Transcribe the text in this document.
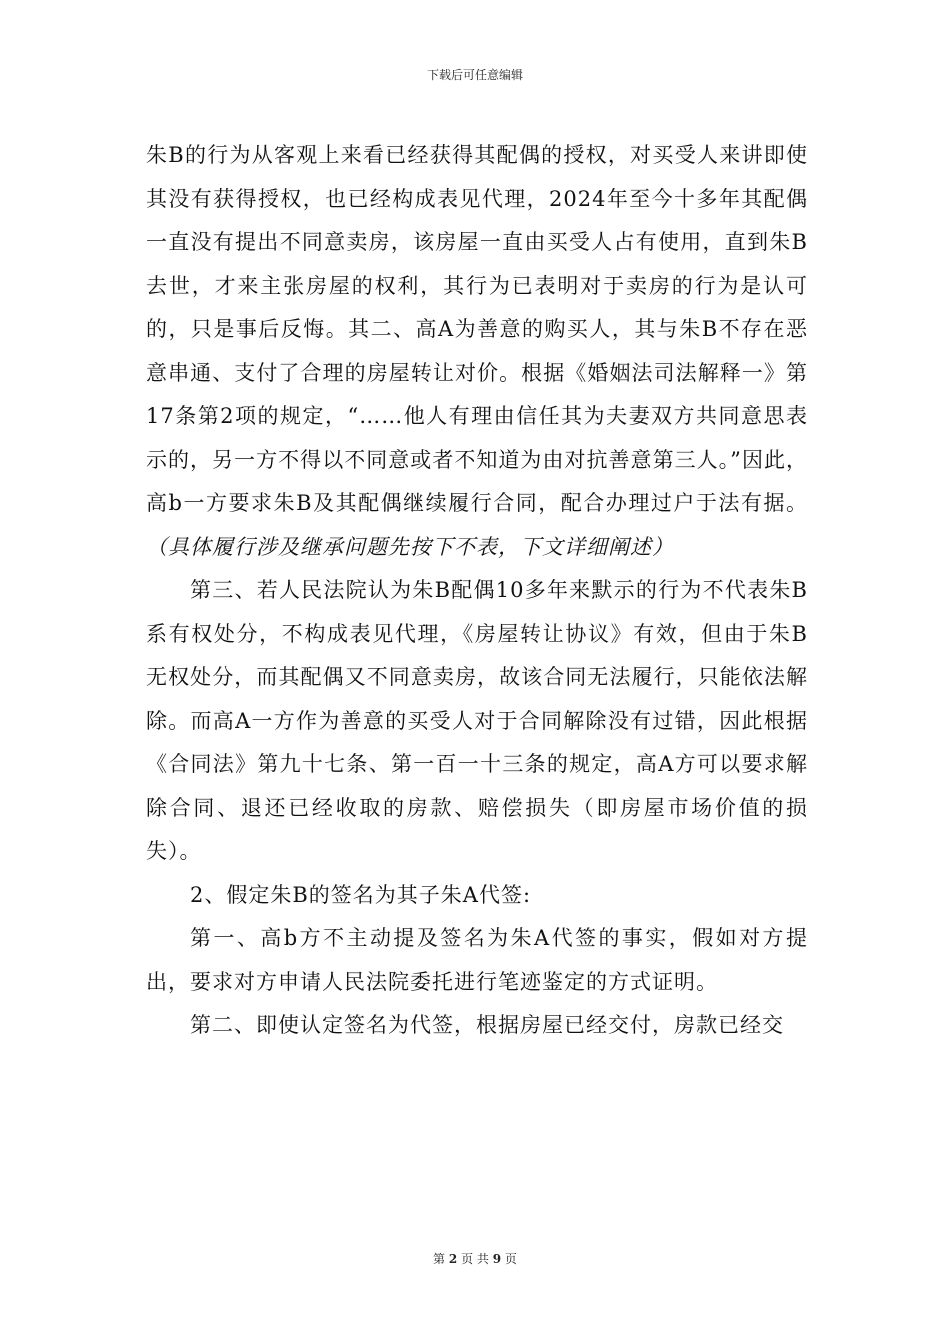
下载后可任意编辑

朱B的行为从客观上来看已经获得其配偶的授权，对买受人来讲即使其没有获得授权，也已经构成表见代理，2024年至今十多年其配偶一直没有提出不同意卖房，该房屋一直由买受人占有使用，直到朱B去世，才来主张房屋的权利，其行为已表明对于卖房的行为是认可的，只是事后反悔。其二、高A为善意的购买人，其与朱B不存在恶意串通、支付了合理的房屋转让对价。根据《婚姻法司法解释一》第17条第2项的规定，“……他人有理由信任其为夫妻双方共同意思表示的，另一方不得以不同意或者不知道为由对抗善意第三人。”因此，高b一方要求朱B及其配偶继续履行合同，配合办理过户于法有据。（具体履行涉及继承问题先按下不表，下文详细阐述）

第三、若人民法院认为朱B配偶10多年来默示的行为不代表朱B系有权处分，不构成表见代理，《房屋转让协议》有效，但由于朱B无权处分，而其配偶又不同意卖房，故该合同无法履行，只能依法解除。而高A一方作为善意的买受人对于合同解除没有过错，因此根据《合同法》第九十七条、第一百一十三条的规定，高A方可以要求解除合同、退还已经收取的房款、赔偿损失（即房屋市场价值的损失）。

2、假定朱B的签名为其子朱A代签:

第一、高b方不主动提及签名为朱A代签的事实，假如对方提出，要求对方申请人民法院委托进行笔迹鉴定的方式证明。

第二、即使认定签名为代签，根据房屋已经交付，房款已经交

第 2 页 共 9 页
